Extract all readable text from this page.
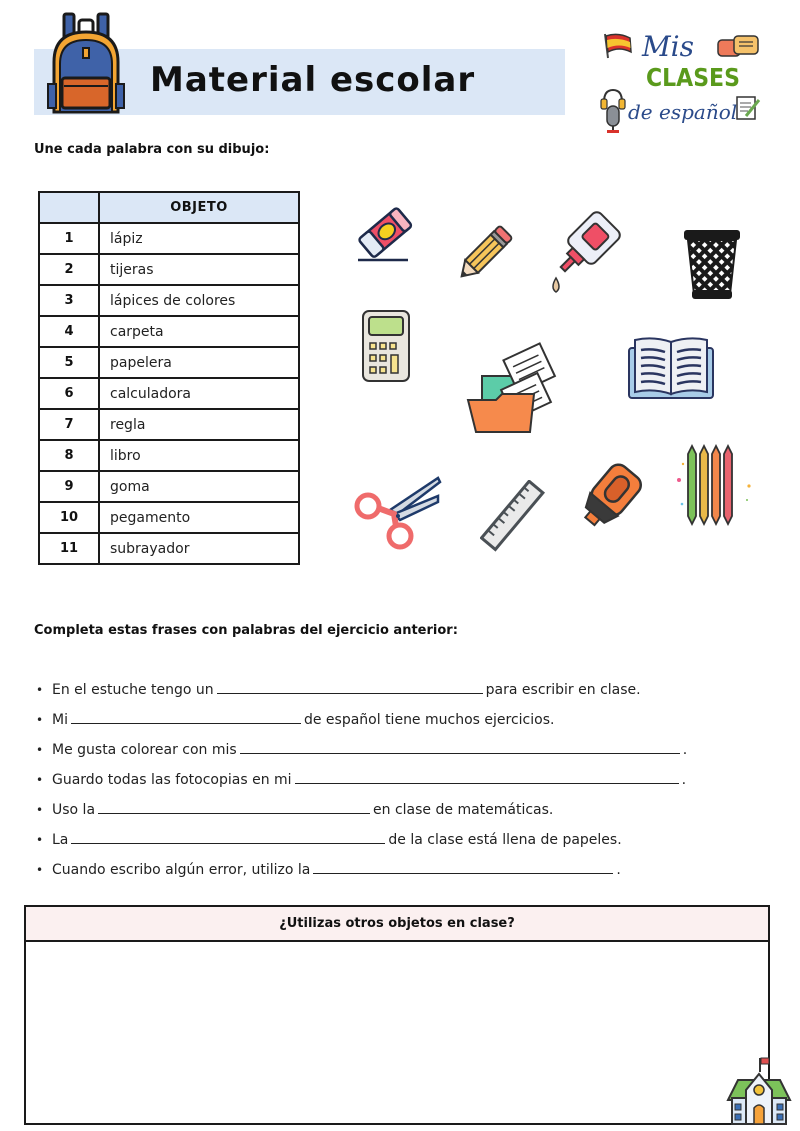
Material escolar
Mis
CLASES
de español
Une cada palabra con su dibujo:
	OBJETO
1	lápiz
2	tijeras
3	lápices de colores
4	carpeta
5	papelera
6	calculadora
7	regla
8	libro
9	goma
10	pegamento
11	subrayador
Completa estas frases con palabras del ejercicio anterior:
• En el estuche tengo un	para escribir en clase.
• Mi	de español tiene muchos ejercicios.
• Me gusta colorear con mis	.
• Guardo todas las fotocopias en mi	.
• Uso la	en clase de matemáticas.
• La	de la clase está llena de papeles.
• Cuando escribo algún error, utilizo la	.
¿Utilizas otros objetos en clase?
